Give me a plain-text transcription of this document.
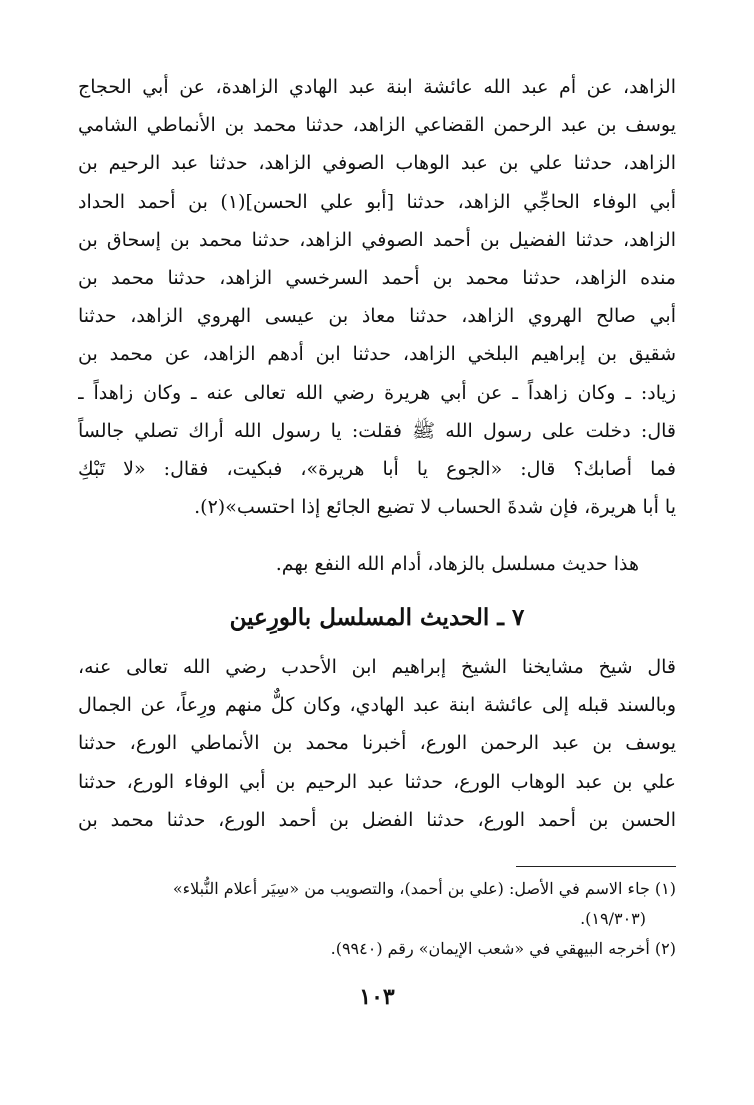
الزاهد، عن أم عبد الله عائشة ابنة عبد الهادي الزاهدة، عن أبي الحجاج
يوسف بن عبد الرحمن القضاعي الزاهد، حدثنا محمد بن الأنماطي الشامي
الزاهد، حدثنا علي بن عبد الوهاب الصوفي الزاهد، حدثنا عبد الرحيم بن
أبي الوفاء الحاجِّي الزاهد، حدثنا [أبو علي الحسن](١) بن أحمد الحداد
الزاهد، حدثنا الفضيل بن أحمد الصوفي الزاهد، حدثنا محمد بن إسحاق بن
منده الزاهد، حدثنا محمد بن أحمد السرخسي الزاهد، حدثنا محمد بن
أبي صالح الهروي الزاهد، حدثنا معاذ بن عيسى الهروي الزاهد، حدثنا
شقيق بن إبراهيم البلخي الزاهد، حدثنا ابن أدهم الزاهد، عن محمد بن
زياد: ـ وكان زاهداً ـ عن أبي هريرة رضي الله تعالى عنه ـ وكان زاهداً ـ
قال: دخلت على رسول الله ﷺ فقلت: يا رسول الله أراك تصلي جالساً
فما أصابك؟ قال: «الجوع يا أبا هريرة»، فبكيت، فقال: «لا تَبْكِ
يا أبا هريرة، فإن شدةَ الحساب لا تضيع الجائع إذا احتسب»(٢).
هذا حديث مسلسل بالزهاد، أدام الله النفع بهم.
٧ ـ الحديث المسلسل بالورِعين
قال شيخ مشايخنا الشيخ إبراهيم ابن الأحدب رضي الله تعالى عنه،
وبالسند قبله إلى عائشة ابنة عبد الهادي، وكان كلٌّ منهم ورِعاً، عن الجمال
يوسف بن عبد الرحمن الورع، أخبرنا محمد بن الأنماطي الورع، حدثنا
علي بن عبد الوهاب الورع، حدثنا عبد الرحيم بن أبي الوفاء الورع، حدثنا
الحسن بن أحمد الورع، حدثنا الفضل بن أحمد الورع، حدثنا محمد بن
(١) جاء الاسم في الأصل: (علي بن أحمد)، والتصويب من «سِيَر أعلام النُّبلاء»
(١٩/٣٠٣).
(٢) أخرجه البيهقي في «شعب الإيمان» رقم (٩٩٤٠).
١٠٣
